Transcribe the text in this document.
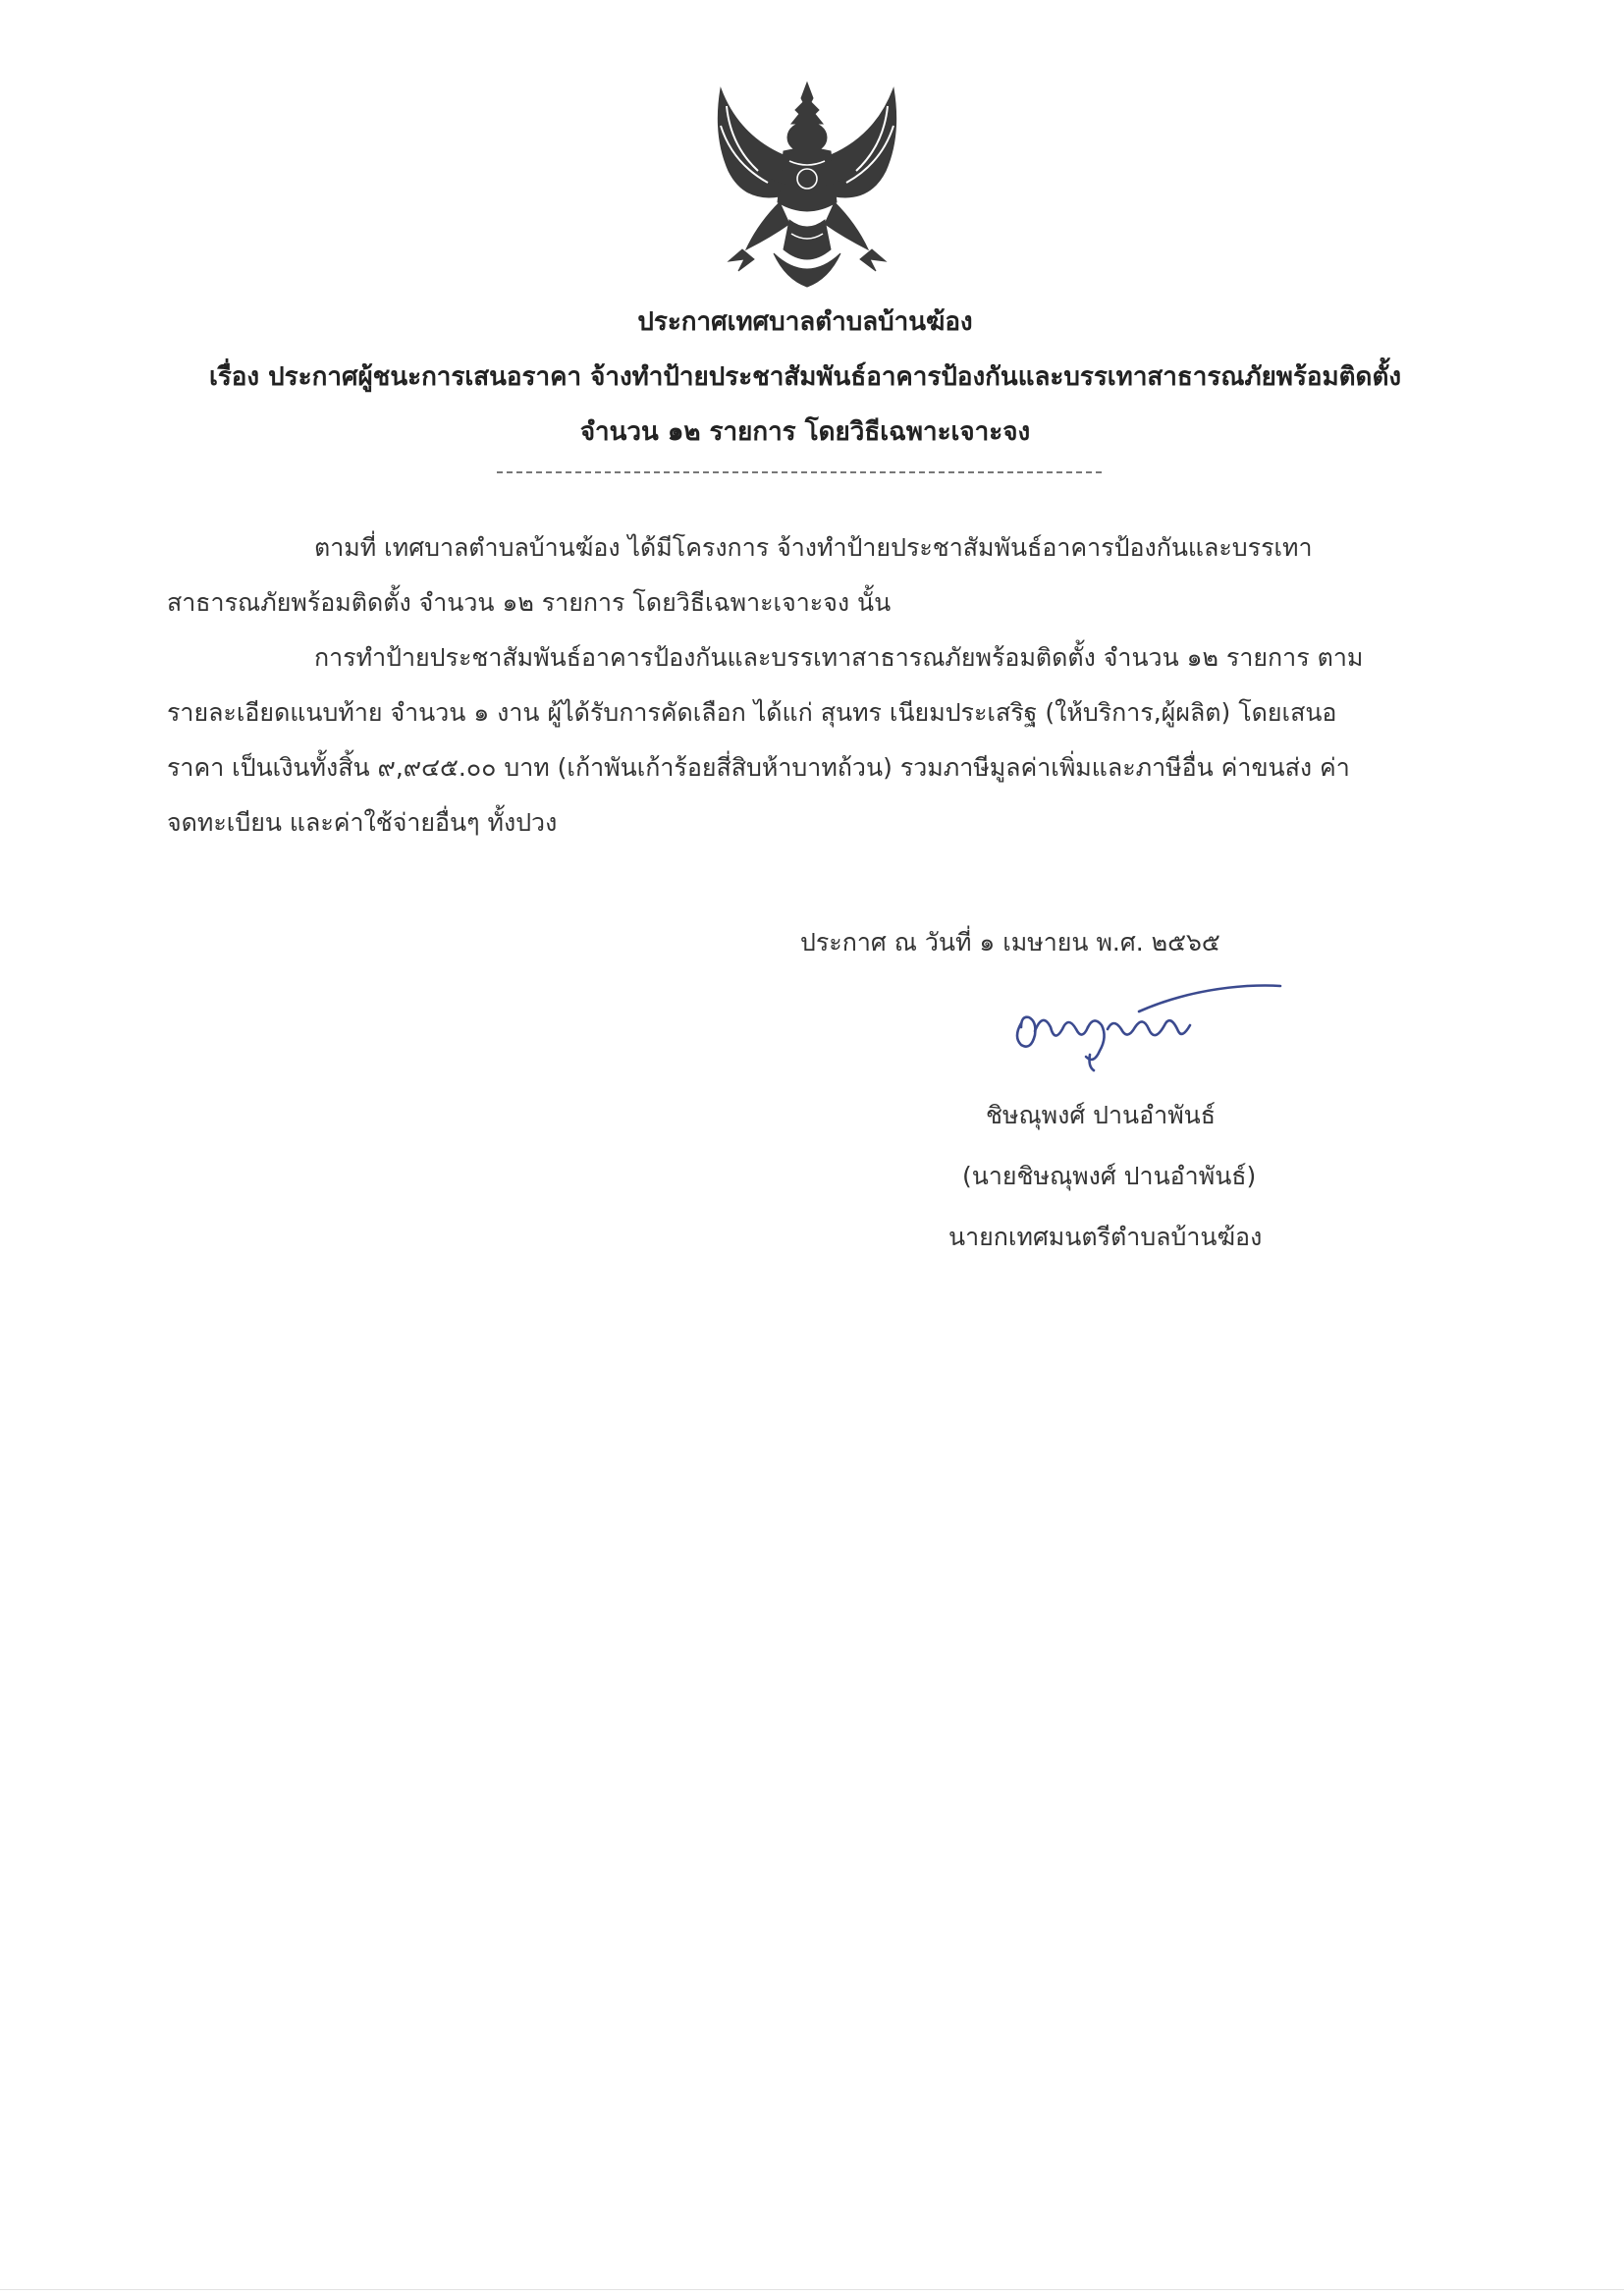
ประกาศเทศบาลตำบลบ้านฆ้อง
เรื่อง ประกาศผู้ชนะการเสนอราคา จ้างทำป้ายประชาสัมพันธ์อาคารป้องกันและบรรเทาสาธารณภัยพร้อมติดตั้ง
จำนวน ๑๒ รายการ โดยวิธีเฉพาะเจาะจง
ตามที่ เทศบาลตำบลบ้านฆ้อง ได้มีโครงการ จ้างทำป้ายประชาสัมพันธ์อาคารป้องกันและบรรเทา
สาธารณภัยพร้อมติดตั้ง จำนวน ๑๒ รายการ โดยวิธีเฉพาะเจาะจง นั้น
การทำป้ายประชาสัมพันธ์อาคารป้องกันและบรรเทาสาธารณภัยพร้อมติดตั้ง จำนวน ๑๒ รายการ ตาม
รายละเอียดแนบท้าย จำนวน ๑ งาน ผู้ได้รับการคัดเลือก ได้แก่ สุนทร เนียมประเสริฐ (ให้บริการ,ผู้ผลิต) โดยเสนอ
ราคา เป็นเงินทั้งสิ้น ๙,๙๔๕.๐๐ บาท (เก้าพันเก้าร้อยสี่สิบห้าบาทถ้วน) รวมภาษีมูลค่าเพิ่มและภาษีอื่น ค่าขนส่ง ค่า
จดทะเบียน และค่าใช้จ่ายอื่นๆ ทั้งปวง
ประกาศ ณ วันที่ ๑ เมษายน พ.ศ. ๒๕๖๕
ชิษณุพงศ์ ปานอำพันธ์
(นายชิษณุพงศ์ ปานอำพันธ์)
นายกเทศมนตรีตำบลบ้านฆ้อง
